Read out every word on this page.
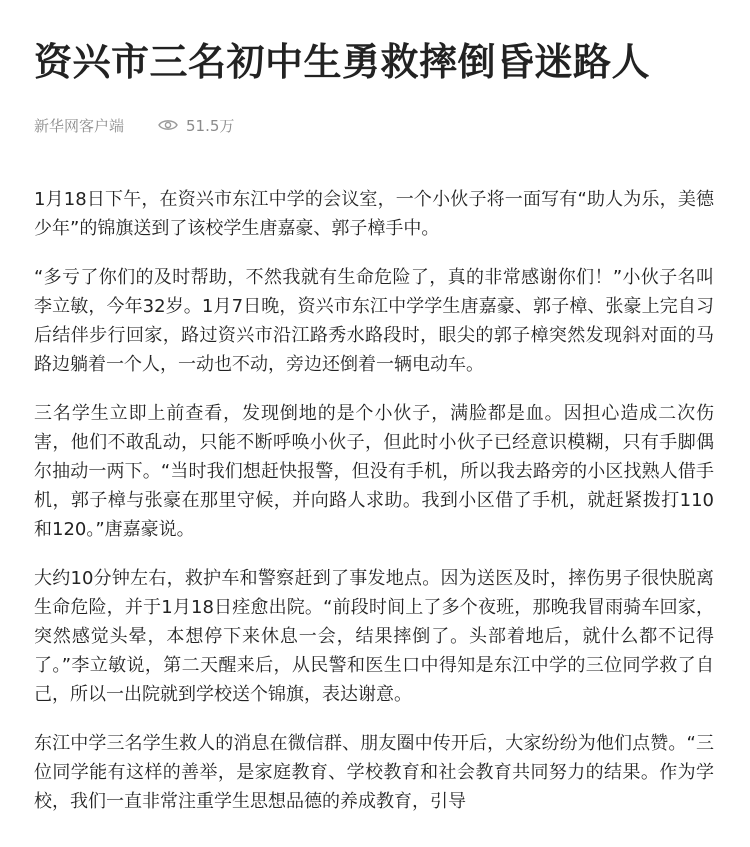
资兴市三名初中生勇救摔倒昏迷路人
新华网客户端	51.5万

1月18日下午，在资兴市东江中学的会议室，一个小伙子将一面写有“助人为乐，美德少年”的锦旗送到了该校学生唐嘉豪、郭子樟手中。

“多亏了你们的及时帮助，不然我就有生命危险了，真的非常感谢你们！”小伙子名叫李立敏，今年32岁。1月7日晚，资兴市东江中学学生唐嘉豪、郭子樟、张豪上完自习后结伴步行回家，路过资兴市沿江路秀水路段时，眼尖的郭子樟突然发现斜对面的马路边躺着一个人，一动也不动，旁边还倒着一辆电动车。

三名学生立即上前查看，发现倒地的是个小伙子，满脸都是血。因担心造成二次伤害，他们不敢乱动，只能不断呼唤小伙子，但此时小伙子已经意识模糊，只有手脚偶尔抽动一两下。“当时我们想赶快报警，但没有手机，所以我去路旁的小区找熟人借手机，郭子樟与张豪在那里守候，并向路人求助。我到小区借了手机，就赶紧拨打110和120。”唐嘉豪说。

大约10分钟左右，救护车和警察赶到了事发地点。因为送医及时，摔伤男子很快脱离生命危险，并于1月18日痊愈出院。“前段时间上了多个夜班，那晚我冒雨骑车回家，突然感觉头晕，本想停下来休息一会，结果摔倒了。头部着地后，就什么都不记得了。”李立敏说，第二天醒来后，从民警和医生口中得知是东江中学的三位同学救了自己，所以一出院就到学校送个锦旗，表达谢意。

东江中学三名学生救人的消息在微信群、朋友圈中传开后，大家纷纷为他们点赞。“三位同学能有这样的善举，是家庭教育、学校教育和社会教育共同努力的结果。作为学校，我们一直非常注重学生思想品德的养成教育，引导
